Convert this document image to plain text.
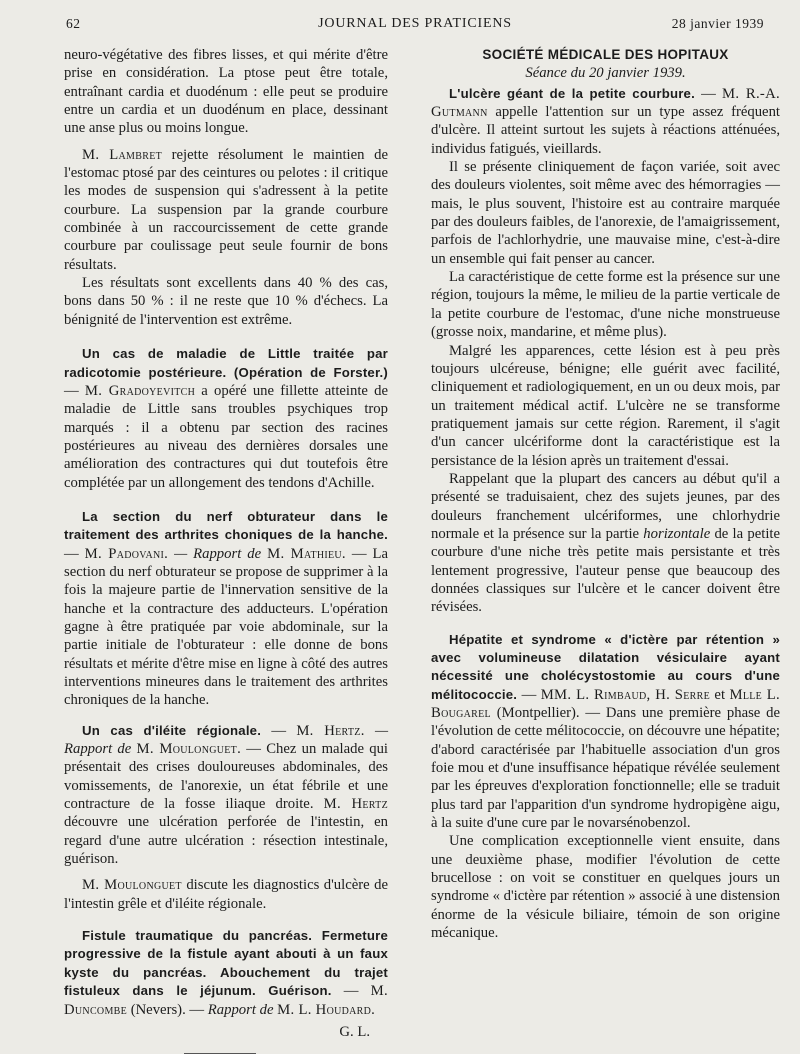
62	JOURNAL DES PRATICIENS	28 janvier 1939

neuro-végétative des fibres lisses, et qui mérite d'être prise en considération. La ptose peut être totale, entraînant cardia et duodénum : elle peut se produire entre un cardia et un duodénum en place, dessinant une anse plus ou moins longue.

M. Lambret rejette résolument le maintien de l'estomac ptosé par des ceintures ou pelotes : il critique les modes de suspension qui s'adressent à la petite courbure. La suspension par la grande courbure combinée à un raccourcissement de cette grande courbure par coulissage peut seule fournir de bons résultats.

Les résultats sont excellents dans 40 % des cas, bons dans 50 % : il ne reste que 10 % d'échecs. La bénignité de l'intervention est extrême.

Un cas de maladie de Little traitée par radicotomie postérieure. (Opération de Forster.) — M. Gradoyevitch a opéré une fillette atteinte de maladie de Little sans troubles psychiques trop marqués : il a obtenu par section des racines postérieures au niveau des dernières dorsales une amélioration des contractures qui dut toutefois être complétée par un allongement des tendons d'Achille.

La section du nerf obturateur dans le traitement des arthrites choniques de la hanche. — M. Padovani. — Rapport de M. Mathieu. — La section du nerf obturateur se propose de supprimer à la fois la majeure partie de l'innervation sensitive de la hanche et la contracture des adducteurs. L'opération gagne à être pratiquée par voie abdominale, sur la partie initiale de l'obturateur : elle donne de bons résultats et mérite d'être mise en ligne à côté des autres interventions mineures dans le traitement des arthrites chroniques de la hanche.

Un cas d'iléite régionale. — M. Hertz. — Rapport de M. Moulonguet. — Chez un malade qui présentait des crises douloureuses abdominales, des vomissements, de l'anorexie, un état fébrile et une contracture de la fosse iliaque droite. M. Hertz découvre une ulcération perforée de l'intestin, en regard d'une autre ulcération : résection intestinale, guérison.

M. Moulonguet discute les diagnostics d'ulcère de l'intestin grêle et d'iléite régionale.

Fistule traumatique du pancréas. Fermeture progressive de la fistule ayant abouti à un faux kyste du pancréas. Abouchement du trajet fistuleux dans le jéjunum. Guérison. — M. Duncombe (Nevers). — Rapport de M. L. Houdard.

G. L.

SOCIÉTÉ MÉDICALE DES HOPITAUX

Séance du 20 janvier 1939.

L'ulcère géant de la petite courbure. — M. R.-A. Gutmann appelle l'attention sur un type assez fréquent d'ulcère. Il atteint surtout les sujets à réactions atténuées, individus fatigués, vieillards.

Il se présente cliniquement de façon variée, soit avec des douleurs violentes, soit même avec des hémorragies — mais, le plus souvent, l'histoire est au contraire marquée par des douleurs faibles, de l'anorexie, de l'amaigrissement, parfois de l'achlorhydrie, une mauvaise mine, c'est-à-dire un ensemble qui fait penser au cancer.

La caractéristique de cette forme est la présence sur une région, toujours la même, le milieu de la partie verticale de la petite courbure de l'estomac, d'une niche monstrueuse (grosse noix, mandarine, et même plus).

Malgré les apparences, cette lésion est à peu près toujours ulcéreuse, bénigne; elle guérit avec facilité, cliniquement et radiologiquement, en un ou deux mois, par un traitement médical actif. L'ulcère ne se transforme pratiquement jamais sur cette région. Rarement, il s'agit d'un cancer ulcériforme dont la caractéristique est la persistance de la lésion après un traitement d'essai.

Rappelant que la plupart des cancers au début qu'il a présenté se traduisaient, chez des sujets jeunes, par des douleurs franchement ulcériformes, une chlorhydrie normale et la présence sur la partie horizontale de la petite courbure d'une niche très petite mais persistante et très lentement progressive, l'auteur pense que beaucoup des données classiques sur l'ulcère et le cancer doivent être révisées.

Hépatite et syndrome « d'ictère par rétention » avec volumineuse dilatation vésiculaire ayant nécessité une cholécystostomie au cours d'une mélitococcie. — MM. L. Rimbaud, H. Serre et Mlle L. Bougarel (Montpellier). — Dans une première phase de l'évolution de cette mélitococcie, on découvre une hépatite; d'abord caractérisée par l'habituelle association d'un gros foie mou et d'une insuffisance hépatique révélée seulement par les épreuves d'exploration fonctionnelle; elle se traduit plus tard par l'apparition d'un syndrome hydropigène aigu, à la suite d'une cure par le novarsénobenzol.

Une complication exceptionnelle vient ensuite, dans une deuxième phase, modifier l'évolution de cette brucellose : on voit se constituer en quelques jours un syndrome « d'ictère par rétention » associé à une distension énorme de la vésicule biliaire, témoin de son origine mécanique.
